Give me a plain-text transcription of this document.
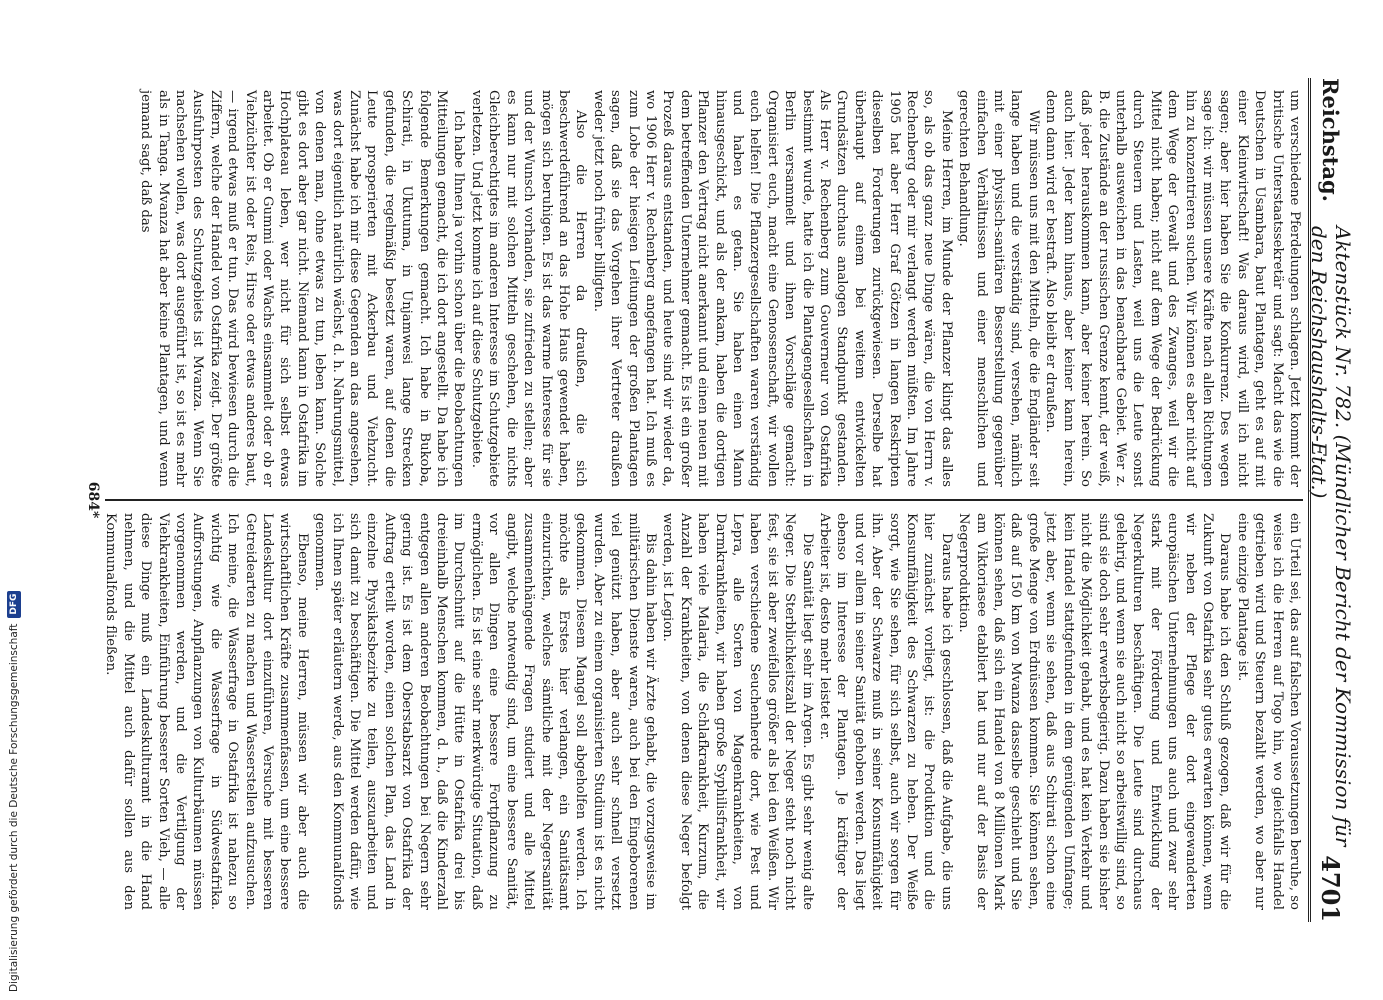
Reichstag.
Aktenstück Nr. 782. (Mündlicher Bericht der Kommission für den Reichshaushalts-Etat.)
4701

um verschiedene Pferdelungen schlagen. Jetzt kommt der britische Unterstaatssekretär und sagt: Macht das wie die Deutschen in Usambara, baut Plantagen, geht es auf mit einer Kleinwirtschaft! Was daraus wird, will ich nicht sagen; aber hier haben Sie die Konkurrenz. Des wegen sage ich: wir müssen unsere Kräfte nach allen Richtungen hin zu konzentrieren suchen. Wir können es aber nicht auf dem Wege der Gewalt und des Zwanges, weil wir die Mittel nicht haben; nicht auf dem Wege der Bedrückung durch Steuern und Lasten, weil uns die Leute sonst unterhalb ausweichen in das benachbarte Gebiet. Wer z. B. die Zustände an der russischen Grenze kennt, der weiß, daß jeder herauskommen kann, aber keiner herein. So auch hier. Jeder kann hinaus, aber keiner kann herein, denn dann wird er bestraft. Also bleibt er draußen.

Wir müssen uns mit den Mitteln, die die Engländer seit lange haben und die verständig sind, versehen, nämlich mit einer physisch-sanitären Besserstellung gegenüber einfachen Verhältnissen und einer menschlichen und gerechten Behandlung.

Meine Herren, im Munde der Pflanzer klingt das alles so, als ob das ganz neue Dinge wären, die von Herrn v. Rechenberg oder mir verlangt werden müßten. Im Jahre 1905 hat aber Herr Graf Götzen in langen Reskripten dieselben Forderungen zurückgewiesen. Derselbe hat überhaupt auf einem bei weitem entwickelten Grundsätzen durchaus analogen Standpunkt gestanden. Als Herr v. Rechenberg zum Gouverneur von Ostafrika bestimmt wurde, hatte ich die Plantagengesellschaften in Berlin versammelt und ihnen Vorschläge gemacht: Organisiert euch, macht eine Genossenschaft, wir wollen euch helfen! Die Pflanzergesellschaften waren verständig und haben es getan. Sie haben einen Mann hinausgeschickt, und als der ankam, haben die dortigen Pflanzer den Vertrag nicht anerkannt und einen neuen mit dem betreffenden Unternehmer gemacht. Es ist ein großer Prozeß daraus entstanden, und heute sind wir wieder da, wo 1906 Herr v. Rechenberg angefangen hat. Ich muß es zum Lobe der hiesigen Leitungen der großen Plantagen sagen, daß sie das Vorgehen ihrer Vertreter draußen weder jetzt noch früher billigten.

Also die Herren da draußen, die sich beschwerdeführend an das Hohe Haus gewendet haben, mögen sich beruhigen. Es ist das warme Interesse für sie und der Wunsch vorhanden, sie zufrieden zu stellen; aber es kann nur mit solchen Mitteln geschehen, die nichts Gleichberechtigtes im anderen Interesse im Schutzgebiete verletzen. Und jetzt komme ich auf diese Schutzgebiete.

Ich habe Ihnen ja vorhin schon über die Beobachtungen Mitteilungen gemacht, die ich dort angestellt. Da habe ich folgende Bemerkungen gemacht. Ich habe in Bukoba, Schirati, in Ukutuma, in Unjamwesi lange Strecken gefunden, die regelmäßig besetzt waren, auf denen die Leute prosperierten mit Ackerbau und Viehzucht. Zunächst habe ich mir diese Gegenden an das angesehen, was dort eigentlich natürlich wächst, d. h. Nahrungsmittel, von denen man, ohne etwas zu tun, leben kann. Solche gibt es dort aber gar nicht. Niemand kann in Ostafrika im Hochplateau leben, wer nicht für sich selbst etwas arbeitet. Ob er Gummi oder Wachs einsammelt oder ob er Viehzüchter ist oder Reis, Hirse oder etwas anderes baut, — irgend etwas muß er tun. Das wird bewiesen durch die Ziffern, welche der Handel von Ostafrika zeigt. Der größte Ausfuhrposten des Schutzgebiets ist Mvanza. Wenn Sie nachsehen wollen, was dort ausgeführt ist, so ist es mehr als in Tanga. Mvanza hat aber keine Plantagen, und wenn jemand sagt, daß das

ein Urteil sei, das auf falschen Voraussetzungen beruhe, so weise ich die Herren auf Togo hin, wo gleichfalls Handel getrieben wird und Steuern bezahlt werden, wo aber nur eine einzige Plantage ist.

Daraus habe ich den Schluß gezogen, daß wir für die Zukunft von Ostafrika sehr gutes erwarten können, wenn wir neben der Pflege der dort eingewanderten europäischen Unternehmungen uns auch und zwar sehr stark mit der Förderung und Entwicklung der Negerkulturen beschäftigen. Die Leute sind durchaus gelehrig, und wenn sie auch nicht so arbeitswillig sind, so sind sie doch sehr erwerbsbegierig. Dazu haben sie bisher nicht die Möglichkeit gehabt, und es hat kein Verkehr und kein Handel stattgefunden in dem genügenden Umfange; jetzt aber, wenn sie sehen, daß aus Schirati schon eine große Menge von Erdnüssen kommen. Sie können sehen, daß auf 150 km von Mvanza dasselbe geschieht und Sie können sehen, daß sich ein Handel von 8 Millionen Mark am Viktoriasee etabliert hat und nur auf der Basis der Negerproduktion.

Daraus habe ich geschlossen, daß die Aufgabe, die uns hier zunächst vorliegt, ist: die Produktion und die Konsumfähigkeit des Schwarzen zu heben. Der Weiße sorgt, wie Sie sehen, für sich selbst, auch wir sorgen für ihn. Aber der Schwarze muß in seiner Konsumfähigkeit und vor allem in seiner Sanität gehoben werden. Das liegt ebenso im Interesse der Plantagen. Je kräftiger der Arbeiter ist, desto mehr leistet er.

Die Sanität liegt sehr im Argen. Es gibt sehr wenig alte Neger. Die Sterblichkeitszahl der Neger steht noch nicht fest, sie ist aber zweifellos größer als bei den Weißen. Wir haben verschiedene Seuchenherde dort, wie Pest und Lepra, alle Sorten von Magenkrankheiten, von Darmkrankheiten, wir haben große Syphilisfrankheit, wir haben viele Malaria, die Schlafkrankheit, Kurzum, die Anzahl der Krankheiten, von denen diese Neger befolgt werden, ist Legion.

Bis dahin haben wir Ärzte gehabt, die vorzugsweise im militärischen Dienste waren, auch bei den Eingeborenen viel genützt haben, aber auch sehr schnell versetzt wurden. Aber zu einem organisierten Studium ist es nicht gekommen. Diesem Mangel soll abgeholfen werden. Ich möchte als Erstes hier verlangen, ein Sanitätsamt einzurichten, welches sämtliche mit der Negersanität zusammenhängende Fragen studiert und alle Mittel angibt, welche notwendig sind, um eine bessere Sanität, vor allen Dingen eine bessere Fortpflanzung zu ermöglichen. Es ist eine sehr merkwürdige Situation, daß im Durchschnitt auf die Hütte in Ostafrika drei bis dreieinhalb Menschen kommen, d. h., daß die Kinderzahl entgegen allen anderen Beobachtungen bei Negern sehr gering ist. Es ist dem Oberstabsarzt von Ostafrika der Auftrag erteilt worden, einen solchen Plan, das Land in einzelne Physikatsbezirke zu teilen, auszuarbeiten und sich damit zu beschäftigen. Die Mittel werden dafür, wie ich Ihnen später erläutern werde, aus den Kommunalfonds genommen.

Ebenso, meine Herren, müssen wir aber auch die wirtschaftlichen Kräfte zusammenfassen, um eine bessere Landeskultur dort einzuführen, Versuche mit besseren Getreidearten zu machen und Wasserstellen aufzusuchen. Ich meine, die Wasserfrage in Ostafrika ist nahezu so wichtig wie die Wasserfrage in Südwestafrika. Aufforstungen, Anpflanzungen von Kulturbäumen müssen vorgenommen werden, und die Vertilgung der Viehkrankheiten, Einführung besserer Sorten Vieh, — alle diese Dinge muß ein Landeskulturamt in die Hand nehmen, und die Mittel auch dafür sollen aus den Kommunalfonds fließen.

684*
Digitalisierung gefördert durch die Deutsche Forschungsgemeinschaft
DFG
